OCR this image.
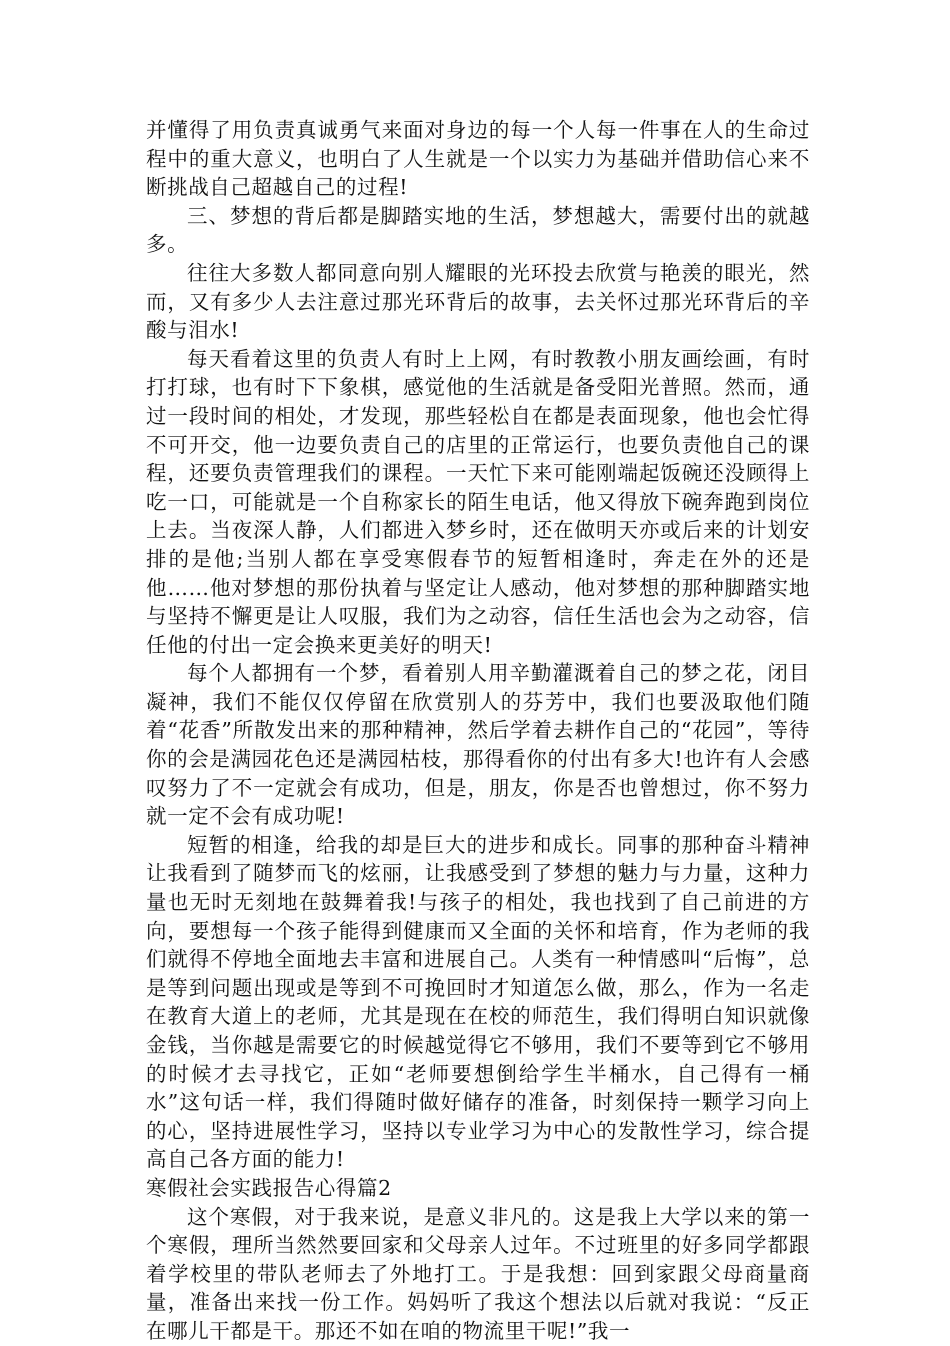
并懂得了用负责真诚勇气来面对身边的每一个人每一件事在人的生命过程中的重大意义，也明白了人生就是一个以实力为基础并借助信心来不断挑战自己超越自己的过程!

三、梦想的背后都是脚踏实地的生活，梦想越大，需要付出的就越多。

往往大多数人都同意向别人耀眼的光环投去欣赏与艳羡的眼光，然而，又有多少人去注意过那光环背后的故事，去关怀过那光环背后的辛酸与泪水!

每天看着这里的负责人有时上上网，有时教教小朋友画绘画，有时打打球，也有时下下象棋，感觉他的生活就是备受阳光普照。然而，通过一段时间的相处，才发现，那些轻松自在都是表面现象，他也会忙得不可开交，他一边要负责自己的店里的正常运行，也要负责他自己的课程，还要负责管理我们的课程。一天忙下来可能刚端起饭碗还没顾得上吃一口，可能就是一个自称家长的陌生电话，他又得放下碗奔跑到岗位上去。当夜深人静，人们都进入梦乡时，还在做明天亦或后来的计划安排的是他;当别人都在享受寒假春节的短暂相逢时，奔走在外的还是他……他对梦想的那份执着与坚定让人感动，他对梦想的那种脚踏实地与坚持不懈更是让人叹服，我们为之动容，信任生活也会为之动容，信任他的付出一定会换来更美好的明天!

每个人都拥有一个梦，看着别人用辛勤灌溉着自己的梦之花，闭目凝神，我们不能仅仅停留在欣赏别人的芬芳中，我们也要汲取他们随着“花香”所散发出来的那种精神，然后学着去耕作自己的“花园”，等待你的会是满园花色还是满园枯枝，那得看你的付出有多大!也许有人会感叹努力了不一定就会有成功，但是，朋友，你是否也曾想过，你不努力就一定不会有成功呢!

短暂的相逢，给我的却是巨大的进步和成长。同事的那种奋斗精神让我看到了随梦而飞的炫丽，让我感受到了梦想的魅力与力量，这种力量也无时无刻地在鼓舞着我!与孩子的相处，我也找到了自己前进的方向，要想每一个孩子能得到健康而又全面的关怀和培育，作为老师的我们就得不停地全面地去丰富和进展自己。人类有一种情感叫“后悔”，总是等到问题出现或是等到不可挽回时才知道怎么做，那么，作为一名走在教育大道上的老师，尤其是现在在校的师范生，我们得明白知识就像金钱，当你越是需要它的时候越觉得它不够用，我们不要等到它不够用的时候才去寻找它，正如“老师要想倒给学生半桶水，自己得有一桶水”这句话一样，我们得随时做好储存的准备，时刻保持一颗学习向上的心，坚持进展性学习，坚持以专业学习为中心的发散性学习，综合提高自己各方面的能力!

寒假社会实践报告心得篇2

这个寒假，对于我来说，是意义非凡的。这是我上大学以来的第一个寒假，理所当然然要回家和父母亲人过年。不过班里的好多同学都跟着学校里的带队老师去了外地打工。于是我想：回到家跟父母商量商量，准备出来找一份工作。妈妈听了我这个想法以后就对我说：“反正在哪儿干都是干。那还不如在咱的物流里干呢!”我一
